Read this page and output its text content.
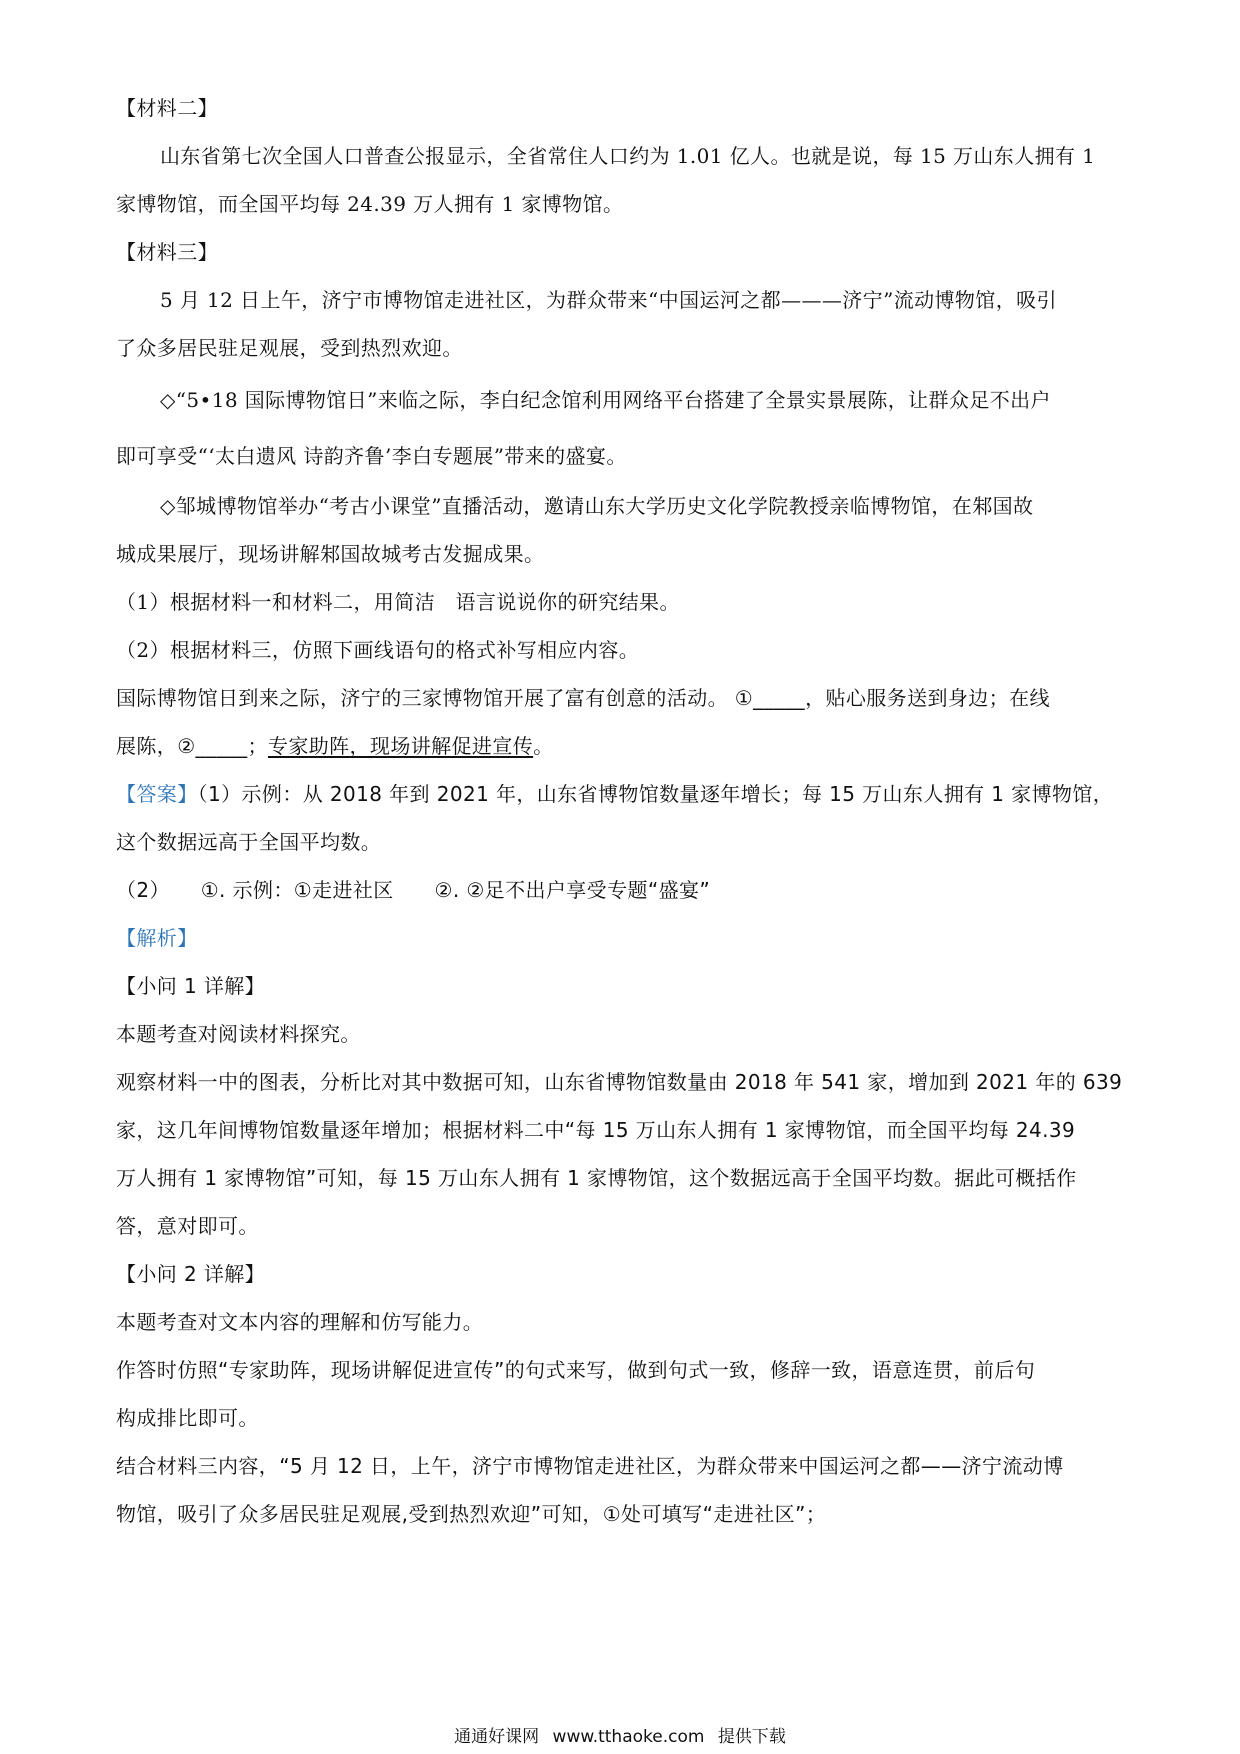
【材料二】
山东省第七次全国人口普查公报显示，全省常住人口约为 1.01 亿人。也就是说，每 15 万山东人拥有 1
家博物馆，而全国平均每 24.39 万人拥有 1 家博物馆。
【材料三】
5 月 12 日上午，济宁市博物馆走进社区，为群众带来“中国运河之都———济宁”流动博物馆，吸引
了众多居民驻足观展，受到热烈欢迎。
◇“5•18 国际博物馆日”来临之际，李白纪念馆利用网络平台搭建了全景实景展陈，让群众足不出户
即可享受“‘太白遗风 诗韵齐鲁’李白专题展”带来的盛宴。
◇邹城博物馆举办“考古小课堂”直播活动，邀请山东大学历史文化学院教授亲临博物馆，在邾国故
城成果展厅，现场讲解邾国故城考古发掘成果。
（1）根据材料一和材料二，用简洁　语言说说你的研究结果。
（2）根据材料三，仿照下画线语句的格式补写相应内容。
国际博物馆日到来之际，济宁的三家博物馆开展了富有创意的活动。 ①_____，贴心服务送到身边；在线
展陈，②_____；专家助阵，现场讲解促进宣传。
【答案】（1）示例：从 2018 年到 2021 年，山东省博物馆数量逐年增长；每 15 万山东人拥有 1 家博物馆，
这个数据远高于全国平均数。
（2）　　①. 示例：①走进社区　　②. ②足不出户享受专题“盛宴”
【解析】
【小问 1 详解】
本题考查对阅读材料探究。
观察材料一中的图表，分析比对其中数据可知，山东省博物馆数量由 2018 年 541 家，增加到 2021 年的 639
家，这几年间博物馆数量逐年增加；根据材料二中“每 15 万山东人拥有 1 家博物馆，而全国平均每 24.39
万人拥有 1 家博物馆”可知，每 15 万山东人拥有 1 家博物馆，这个数据远高于全国平均数。据此可概括作
答，意对即可。
【小问 2 详解】
本题考查对文本内容的理解和仿写能力。
作答时仿照“专家助阵，现场讲解促进宣传”的句式来写，做到句式一致，修辞一致，语意连贯，前后句
构成排比即可。
结合材料三内容，“5 月 12 日，上午，济宁市博物馆走进社区，为群众带来中国运河之都——济宁流动博
物馆，吸引了众多居民驻足观展,受到热烈欢迎”可知，①处可填写“走进社区”；
通通好课网 www.tthaoke.com 提供下载
